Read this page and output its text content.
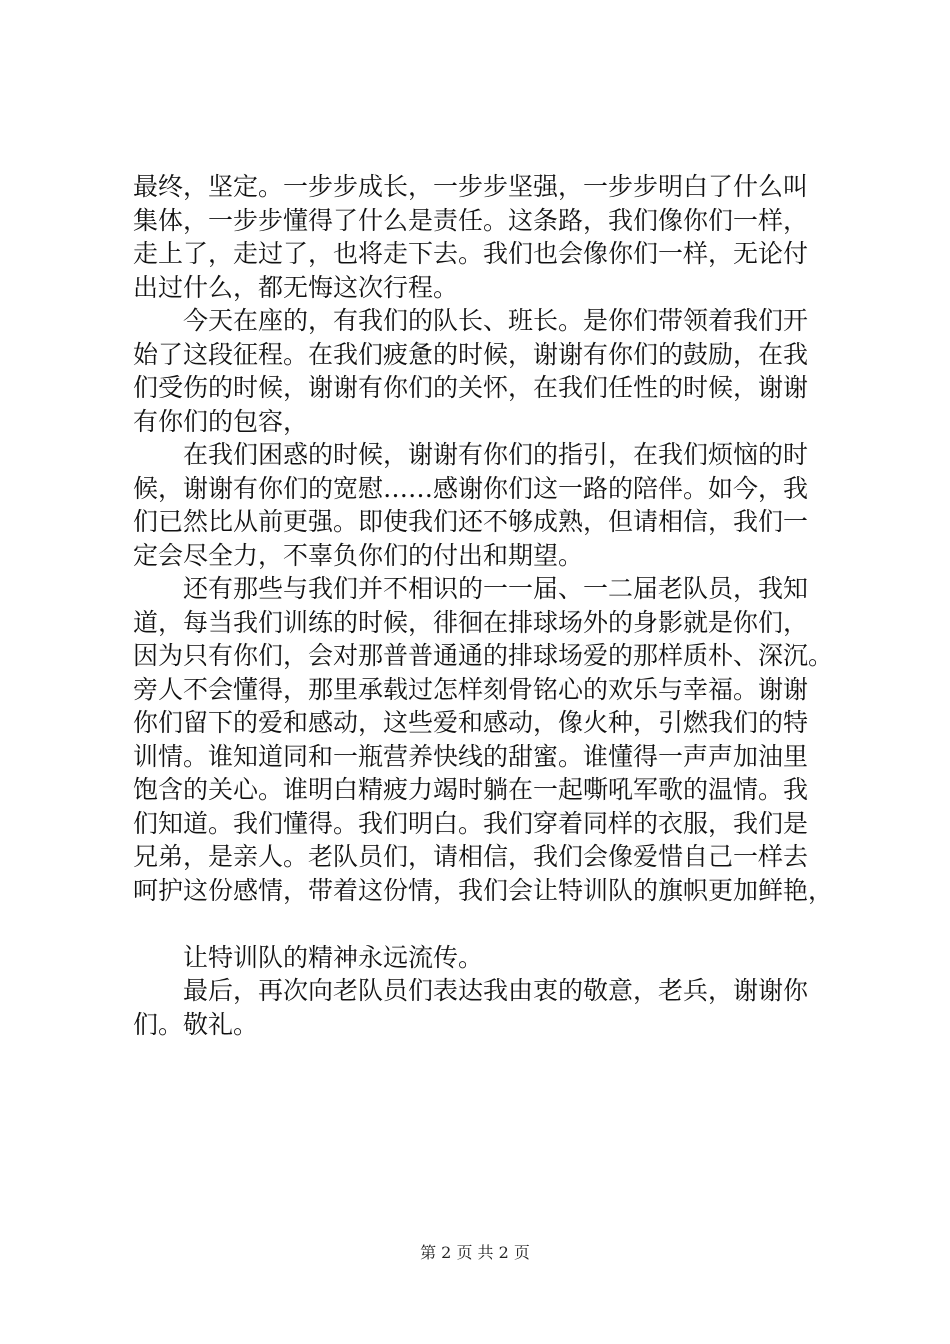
最终，坚定。一步步成长，一步步坚强，一步步明白了什么叫
集体，一步步懂得了什么是责任。这条路，我们像你们一样，
走上了，走过了，也将走下去。我们也会像你们一样，无论付
出过什么，都无悔这次行程。
今天在座的，有我们的队长、班长。是你们带领着我们开
始了这段征程。在我们疲惫的时候，谢谢有你们的鼓励，在我
们受伤的时候，谢谢有你们的关怀，在我们任性的时候，谢谢
有你们的包容，
在我们困惑的时候，谢谢有你们的指引，在我们烦恼的时
候，谢谢有你们的宽慰……感谢你们这一路的陪伴。如今，我
们已然比从前更强。即使我们还不够成熟，但请相信，我们一
定会尽全力，不辜负你们的付出和期望。
还有那些与我们并不相识的一一届、一二届老队员，我知
道，每当我们训练的时候，徘徊在排球场外的身影就是你们，
因为只有你们，会对那普普通通的排球场爱的那样质朴、深沉。
旁人不会懂得，那里承载过怎样刻骨铭心的欢乐与幸福。谢谢
你们留下的爱和感动，这些爱和感动，像火种，引燃我们的特
训情。谁知道同和一瓶营养快线的甜蜜。谁懂得一声声加油里
饱含的关心。谁明白精疲力竭时躺在一起嘶吼军歌的温情。我
们知道。我们懂得。我们明白。我们穿着同样的衣服，我们是
兄弟，是亲人。老队员们，请相信，我们会像爱惜自己一样去
呵护这份感情，带着这份情，我们会让特训队的旗帜更加鲜艳，
让特训队的精神永远流传。
最后，再次向老队员们表达我由衷的敬意，老兵，谢谢你
们。敬礼。
第 2 页 共 2 页
